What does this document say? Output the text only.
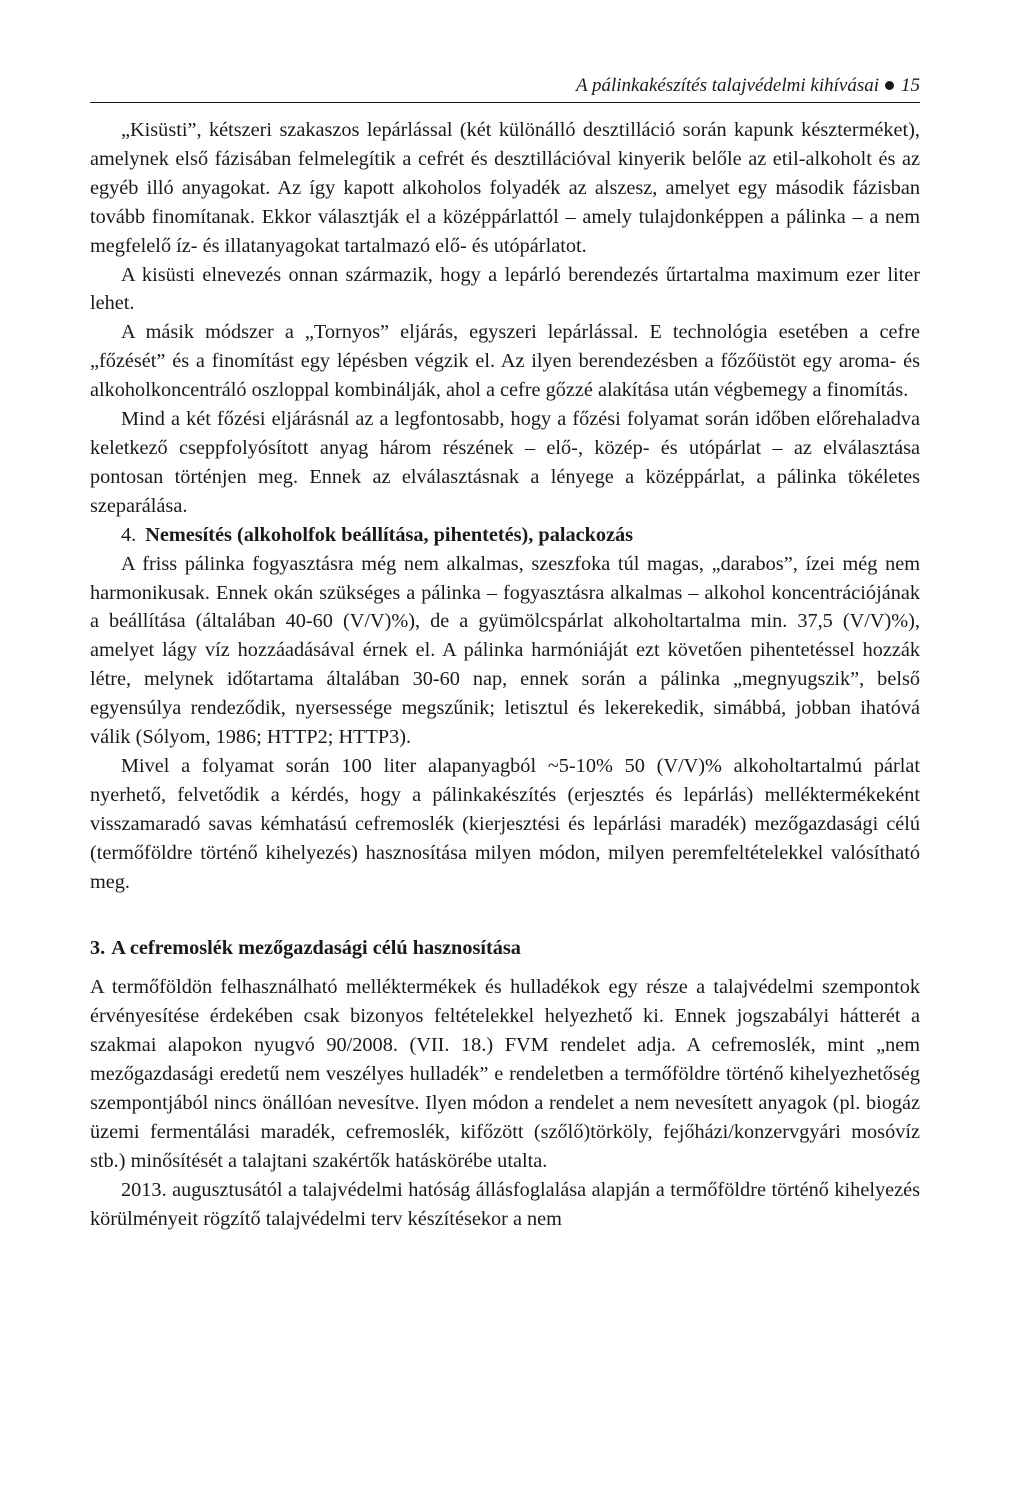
A pálinkakészítés talajvédelmi kihívásai 15

„Kisüsti”, kétszeri szakaszos lepárlással (két különálló desztilláció során kapunk készterméket), amelynek első fázisában felmelegítik a cefrét és desztillációval kinyerik belőle az etil-alkoholt és az egyéb illó anyagokat. Az így kapott alkoholos folyadék az alszesz, amelyet egy második fázisban tovább finomítanak. Ekkor választják el a középpárlattól – amely tulajdonképpen a pálinka – a nem megfelelő íz- és illatanyagokat tartalmazó elő- és utópárlatot.

A kisüsti elnevezés onnan származik, hogy a lepárló berendezés űrtartalma maximum ezer liter lehet.

A másik módszer a „Tornyos” eljárás, egyszeri lepárlással. E technológia esetében a cefre „főzését” és a finomítást egy lépésben végzik el. Az ilyen berendezésben a főzőüstöt egy aroma- és alkoholkoncentráló oszloppal kombinálják, ahol a cefre gőzzé alakítása után végbemegy a finomítás.

Mind a két főzési eljárásnál az a legfontosabb, hogy a főzési folyamat során időben előrehaladva keletkező cseppfolyósított anyag három részének – elő-, közép- és utópárlat – az elválasztása pontosan történjen meg. Ennek az elválasztásnak a lényege a középpárlat, a pálinka tökéletes szeparálása.

4. Nemesítés (alkoholfok beállítása, pihentetés), palackozás

A friss pálinka fogyasztásra még nem alkalmas, szeszfoka túl magas, „darabos”, ízei még nem harmonikusak. Ennek okán szükséges a pálinka – fogyasztásra alkalmas – alkohol koncentrációjának a beállítása (általában 40-60 (V/V)%), de a gyümölcspárlat alkoholtartalma min. 37,5 (V/V)%), amelyet lágy víz hozzáadásával érnek el. A pálinka harmóniáját ezt követően pihentetéssel hozzák létre, melynek időtartama általában 30-60 nap, ennek során a pálinka „megnyugszik”, belső egyensúlya rendeződik, nyersessége megszűnik; letisztul és lekerekedik, simábbá, jobban ihatóvá válik (Sólyom, 1986; HTTP2; HTTP3).

Mivel a folyamat során 100 liter alapanyagból ~5-10% 50 (V/V)% alkoholtartalmú párlat nyerhető, felvetődik a kérdés, hogy a pálinkakészítés (erjesztés és lepárlás) melléktermékeként visszamaradó savas kémhatású cefremoslék (kierjesztési és lepárlási maradék) mezőgazdasági célú (termőföldre történő kihelyezés) hasznosítása milyen módon, milyen peremfeltételekkel valósítható meg.

3. A cefremoslék mezőgazdasági célú hasznosítása

A termőföldön felhasználható melléktermékek és hulladékok egy része a talajvédelmi szempontok érvényesítése érdekében csak bizonyos feltételekkel helyezhető ki. Ennek jogszabályi hátterét a szakmai alapokon nyugvó 90/2008. (VII. 18.) FVM rendelet adja. A cefremoslék, mint „nem mezőgazdasági eredetű nem veszélyes hulladék” e rendeletben a termőföldre történő kihelyezhetőség szempontjából nincs önállóan nevesítve. Ilyen módon a rendelet a nem nevesített anyagok (pl. biogáz üzemi fermentálási maradék, cefremoslék, kifőzött (szőlő)törköly, fejőházi/konzervgyári mosóvíz stb.) minősítését a talajtani szakértők hatáskörébe utalta.

2013. augusztusától a talajvédelmi hatóság állásfoglalása alapján a termőföldre történő kihelyezés körülményeit rögzítő talajvédelmi terv készítésekor a nem
